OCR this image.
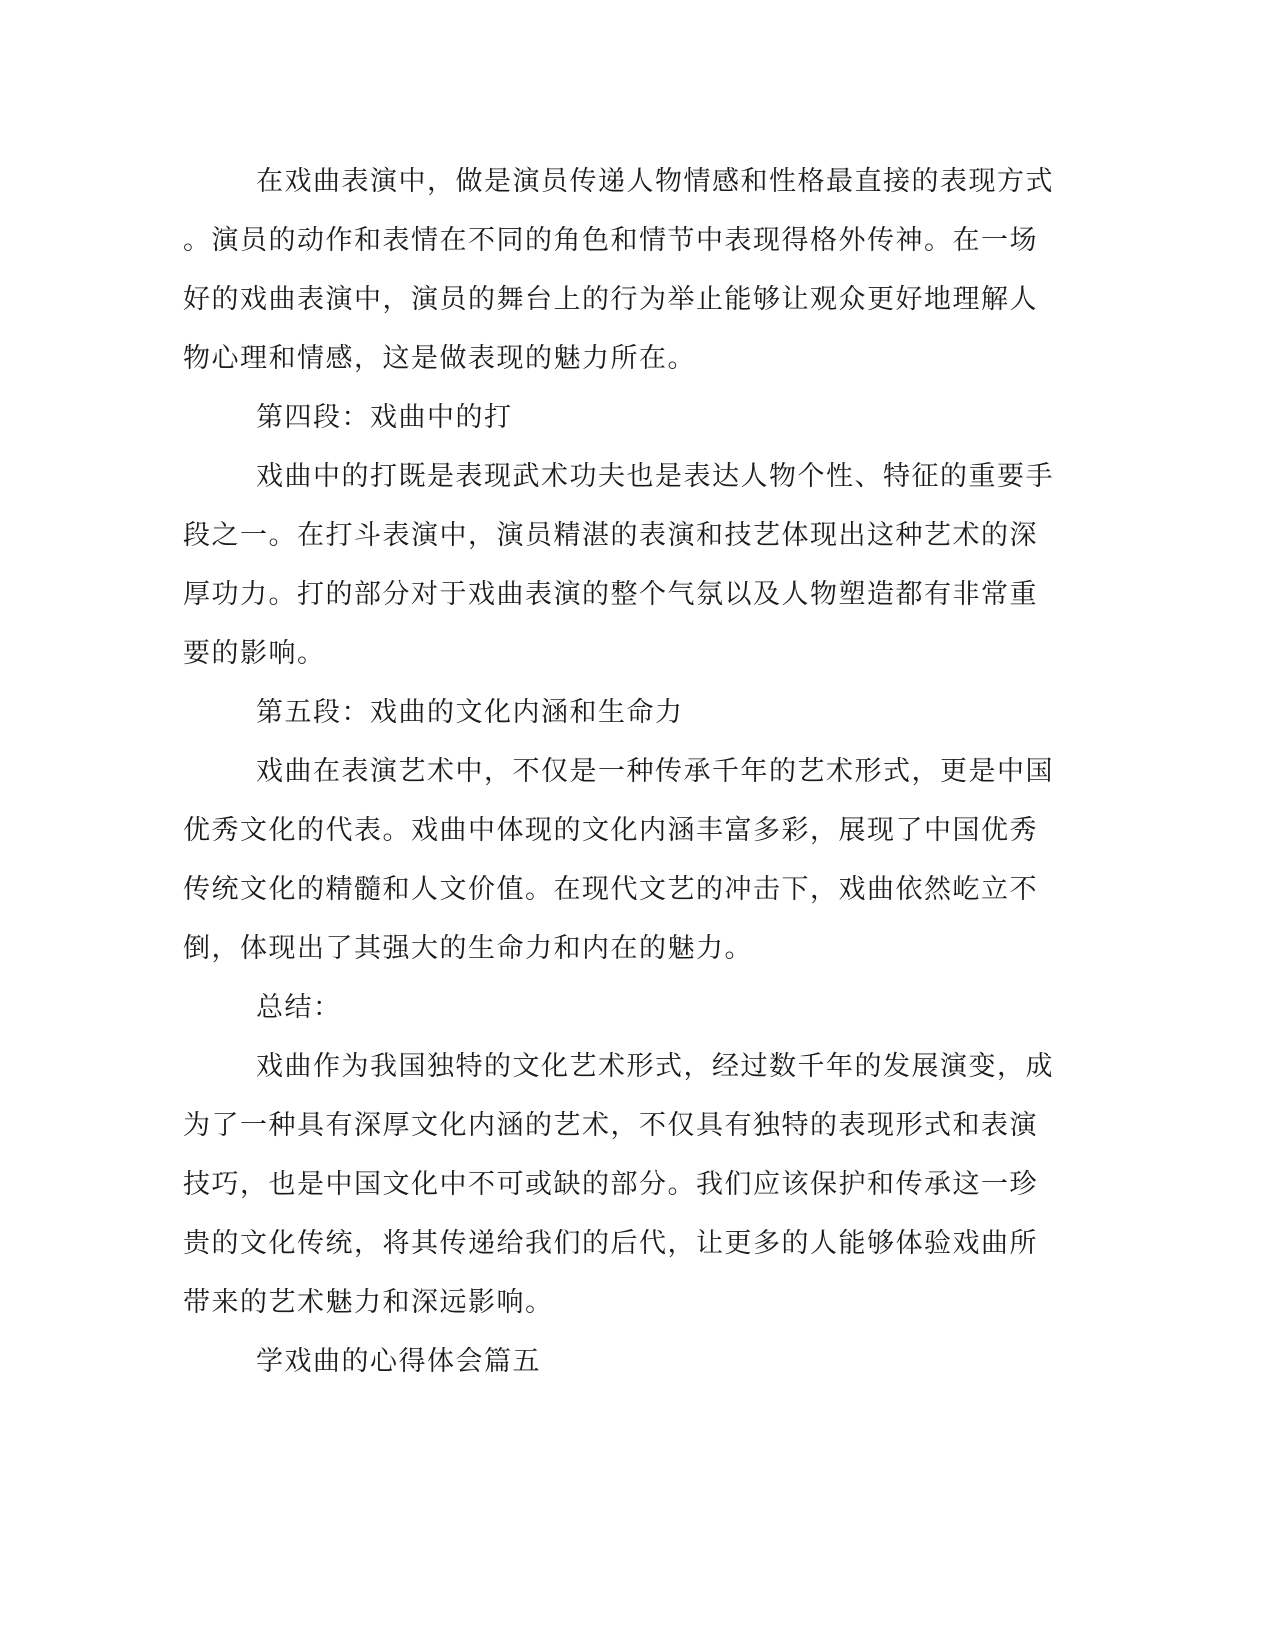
在戏曲表演中，做是演员传递人物情感和性格最直接的表现方式
。演员的动作和表情在不同的角色和情节中表现得格外传神。在一场
好的戏曲表演中，演员的舞台上的行为举止能够让观众更好地理解人
物心理和情感，这是做表现的魅力所在。
第四段：戏曲中的打
戏曲中的打既是表现武术功夫也是表达人物个性、特征的重要手
段之一。在打斗表演中，演员精湛的表演和技艺体现出这种艺术的深
厚功力。打的部分对于戏曲表演的整个气氛以及人物塑造都有非常重
要的影响。
第五段：戏曲的文化内涵和生命力
戏曲在表演艺术中，不仅是一种传承千年的艺术形式，更是中国
优秀文化的代表。戏曲中体现的文化内涵丰富多彩，展现了中国优秀
传统文化的精髓和人文价值。在现代文艺的冲击下，戏曲依然屹立不
倒，体现出了其强大的生命力和内在的魅力。
总结：
戏曲作为我国独特的文化艺术形式，经过数千年的发展演变，成
为了一种具有深厚文化内涵的艺术，不仅具有独特的表现形式和表演
技巧，也是中国文化中不可或缺的部分。我们应该保护和传承这一珍
贵的文化传统，将其传递给我们的后代，让更多的人能够体验戏曲所
带来的艺术魅力和深远影响。
学戏曲的心得体会篇五
